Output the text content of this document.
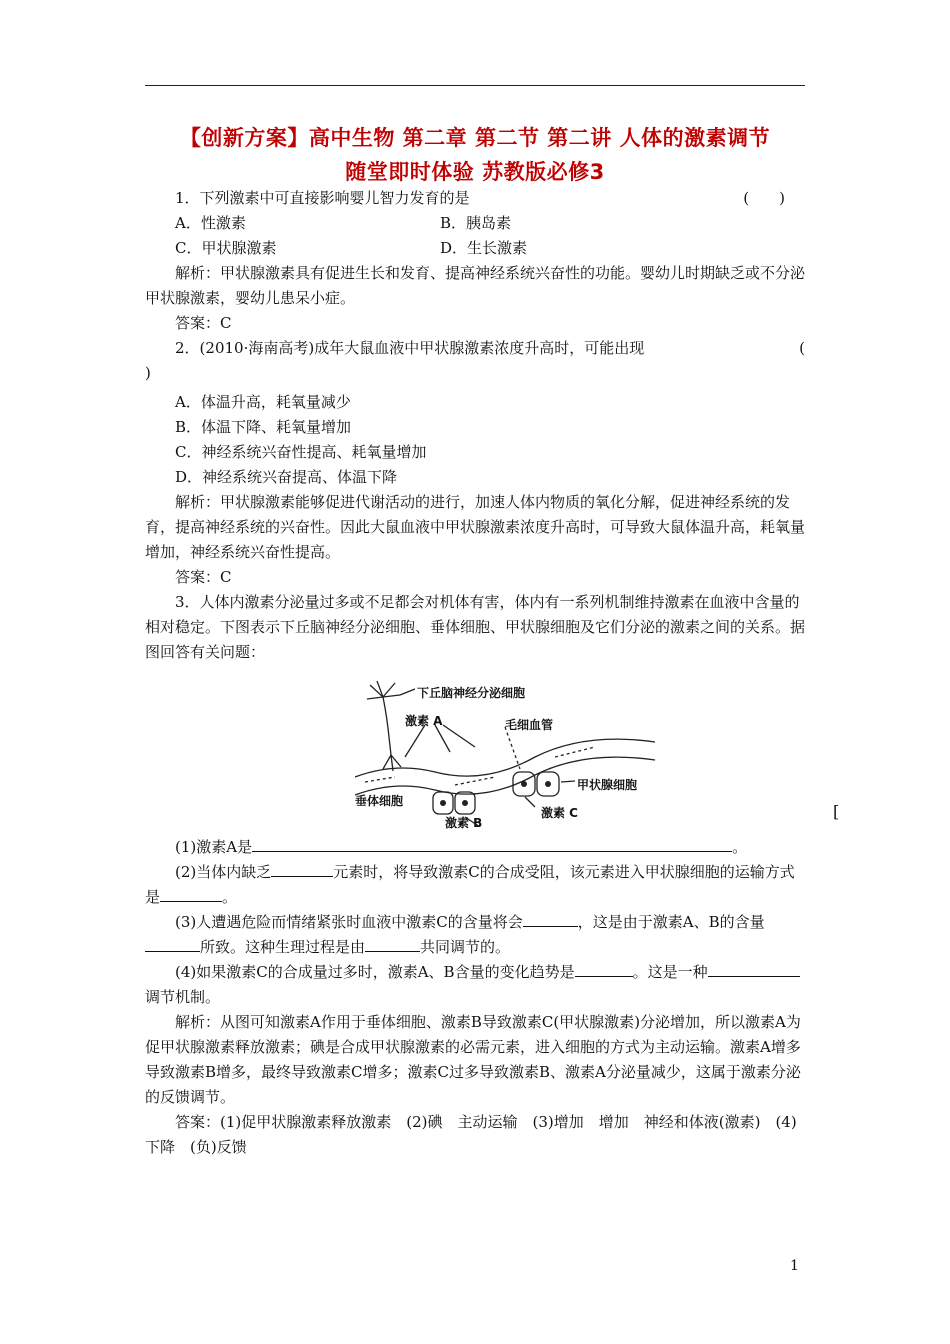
【创新方案】高中生物 第二章 第二节 第二讲 人体的激素调节
随堂即时体验 苏教版必修3
1．下列激素中可直接影响婴儿智力发育的是	(　　)
A．性激素	B．胰岛素
C．甲状腺激素	D．生长激素

解析：甲状腺激素具有促进生长和发育、提高神经系统兴奋性的功能。婴幼儿时期缺乏或不分泌甲状腺激素，婴幼儿患呆小症。

答案：C

2．(2010·海南高考)成年大鼠血液中甲状腺激素浓度升高时，可能出现	(
)

A．体温升高，耗氧量减少

B．体温下降、耗氧量增加

C．神经系统兴奋性提高、耗氧量增加

D．神经系统兴奋提高、体温下降

解析：甲状腺激素能够促进代谢活动的进行，加速人体内物质的氧化分解，促进神经系统的发育，提高神经系统的兴奋性。因此大鼠血液中甲状腺激素浓度升高时，可导致大鼠体温升高，耗氧量增加，神经系统兴奋性提高。

答案：C

3．人体内激素分泌量过多或不足都会对机体有害，体内有一系列机制维持激素在血液中含量的相对稳定。下图表示下丘脑神经分泌细胞、垂体细胞、甲状腺细胞及它们分泌的激素之间的关系。据图回答有关问题：

下丘脑神经分泌细胞
激素 A	毛细血管
甲状腺细胞
垂体细胞
激素 B
激素 C	[

(1)激素A是	。

(2)当体内缺乏	元素时，将导致激素C的合成受阻，该元素进入甲状腺细胞的运输方式是	。

(3)人遭遇危险而情绪紧张时血液中激素C的含量将会	，这是由于激素A、B的含量所致。这种生理过程是由	共同调节的。

(4)如果激素C的合成量过多时，激素A、B含量的变化趋势是	。这是一种调节机制。

解析：从图可知激素A作用于垂体细胞、激素B导致激素C(甲状腺激素)分泌增加，所以激素A为促甲状腺激素释放激素；碘是合成甲状腺激素的必需元素，进入细胞的方式为主动运输。激素A增多导致激素B增多，最终导致激素C增多；激素C过多导致激素B、激素A分泌量减少，这属于激素分泌的反馈调节。

答案：(1)促甲状腺激素释放激素　(2)碘　主动运输　(3)增加　增加　神经和体液(激素)　(4)下降　(负)反馈

1
